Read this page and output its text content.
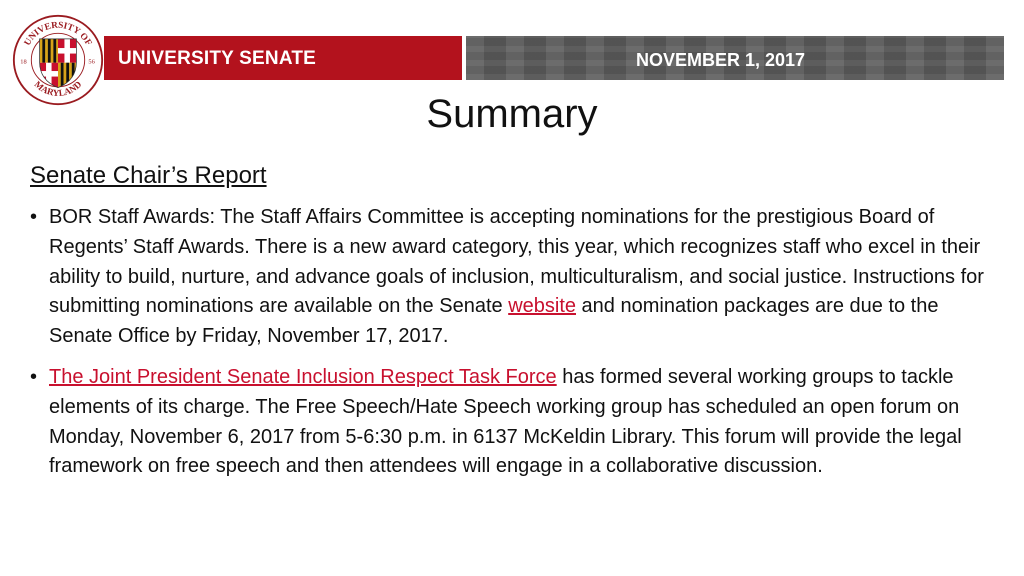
UNIVERSITY OF
MARYLAND
18	56 UNIVERSITY SENATE	NOVEMBER 1, 2017
Summary
Senate Chair’s Report
• BOR Staff Awards: The Staff Affairs Committee is accepting nominations for the prestigious Board of Regents’ Staff Awards. There is a new award category, this year, which recognizes staff who excel in their ability to build, nurture, and advance goals of inclusion, multiculturalism, and social justice. Instructions for submitting nominations are available on the Senate website and nomination packages are due to the Senate Office by Friday, November 17, 2017.
• The Joint President Senate Inclusion Respect Task Force has formed several working groups to tackle elements of its charge. The Free Speech/Hate Speech working group has scheduled an open forum on Monday, November 6, 2017 from 5-6:30 p.m. in 6137 McKeldin Library. This forum will provide the legal framework on free speech and then attendees will engage in a collaborative discussion.
